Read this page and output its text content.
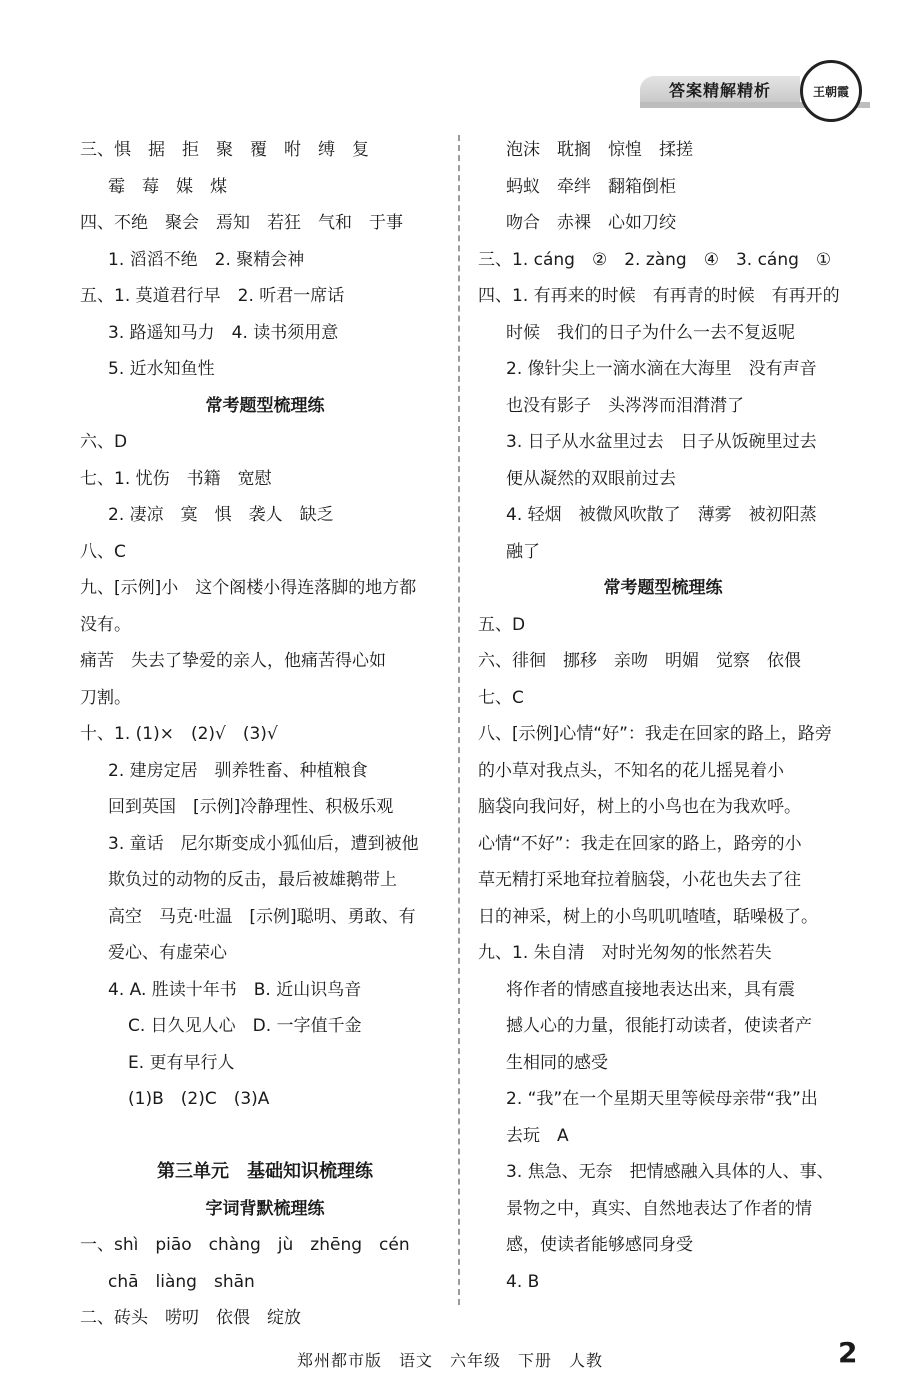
答案精解精析	王朝霞
三、惧　据　拒　聚　覆　咐　缚　复
霉　莓　媒　煤
四、不绝　聚会　焉知　若狂　气和　于事
1. 滔滔不绝　2. 聚精会神
五、1. 莫道君行早　2. 听君一席话
3. 路遥知马力　4. 读书须用意
5. 近水知鱼性
常考题型梳理练
六、D
七、1. 忧伤　书籍　宽慰
2. 凄凉　寞　惧　袭人　缺乏
八、C
九、[示例]小　这个阁楼小得连落脚的地方都
没有。
痛苦　失去了挚爱的亲人，他痛苦得心如
刀割。
十、1. (1)×　(2)√　(3)√
2. 建房定居　驯养牲畜、种植粮食
回到英国　[示例]冷静理性、积极乐观
3. 童话　尼尔斯变成小狐仙后，遭到被他
欺负过的动物的反击，最后被雄鹅带上
高空　马克·吐温　[示例]聪明、勇敢、有
爱心、有虚荣心
4. A. 胜读十年书　B. 近山识鸟音
C. 日久见人心　D. 一字值千金
E. 更有早行人
(1)B　(2)C　(3)A
第三单元　基础知识梳理练
字词背默梳理练
一、shì　piāo　chàng　jù　zhēng　cén
chā　liàng　shān
二、砖头　唠叨　依偎　绽放
泡沫　耽搁　惊惶　揉搓
蚂蚁　牵绊　翻箱倒柜
吻合　赤裸　心如刀绞
三、1. cáng　②　2. zàng　④　3. cáng　①
四、1. 有再来的时候　有再青的时候　有再开的
时候　我们的日子为什么一去不复返呢
2. 像针尖上一滴水滴在大海里　没有声音
也没有影子　头涔涔而泪潸潸了
3. 日子从水盆里过去　日子从饭碗里过去
便从凝然的双眼前过去
4. 轻烟　被微风吹散了　薄雾　被初阳蒸
融了
常考题型梳理练
五、D
六、徘徊　挪移　亲吻　明媚　觉察　依偎
七、C
八、[示例]心情“好”：我走在回家的路上，路旁
的小草对我点头，不知名的花儿摇晃着小
脑袋向我问好，树上的小鸟也在为我欢呼。
心情“不好”：我走在回家的路上，路旁的小
草无精打采地耷拉着脑袋，小花也失去了往
日的神采，树上的小鸟叽叽喳喳，聒噪极了。
九、1. 朱自清　对时光匆匆的怅然若失
将作者的情感直接地表达出来，具有震
撼人心的力量，很能打动读者，使读者产
生相同的感受
2. “我”在一个星期天里等候母亲带“我”出
去玩　A
3. 焦急、无奈　把情感融入具体的人、事、
景物之中，真实、自然地表达了作者的情
感，使读者能够感同身受
4. B
郑州都市版　语文　六年级　下册　人教	2
